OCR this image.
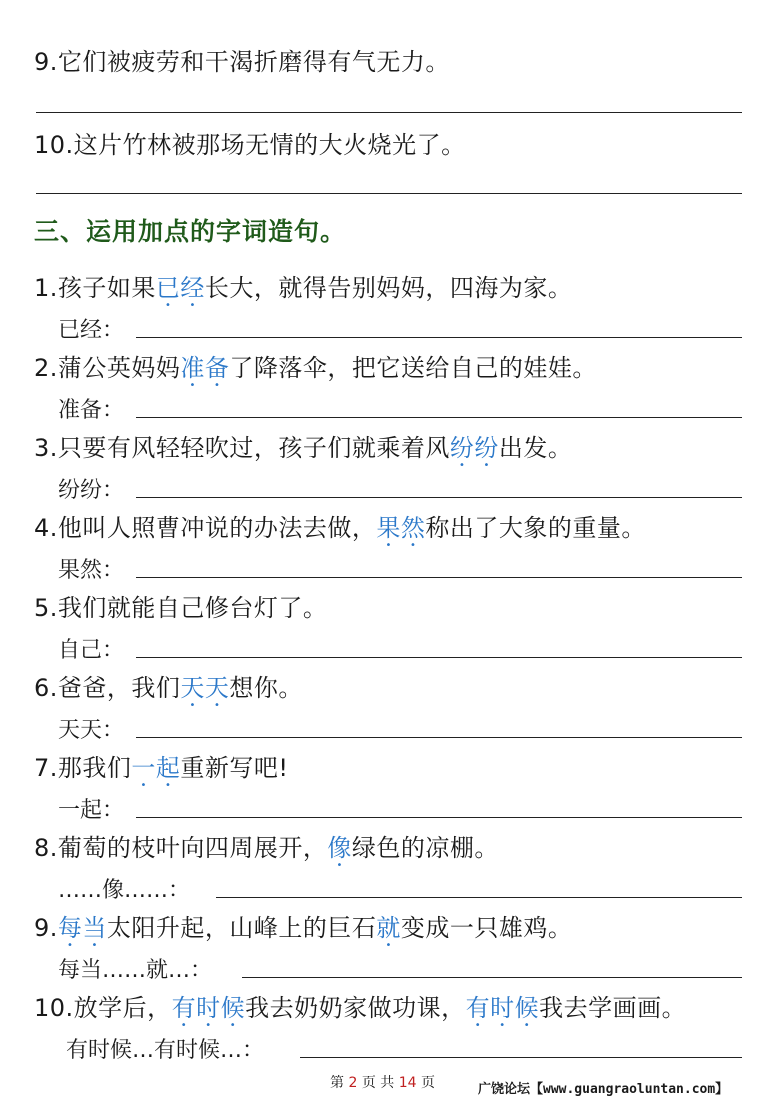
9.它们被疲劳和干渴折磨得有气无力。
10.这片竹林被那场无情的大火烧光了。
三、运用加点的字词造句。
1.孩子如果已经
• •
长大，就得告别妈妈，四海为家。
已经：
2.蒲公英妈妈准备
• •
了降落伞，把它送给自己的娃娃。
准备：
3.只要有风轻轻吹过，孩子们就乘着风纷纷
• •
出发。
纷纷：
4.他叫人照曹冲说的办法去做，果然
• •
称出了大象的重量。
果然：
5.我们就能自己修台灯了。
自己：
6.爸爸，我们天天
• •
想你。
天天：
7.那我们一起
• •
重新写吧!
一起：
8.葡萄的枝叶向四周展开，像
•
绿色的凉棚。
……像……：
9.每当
• •
太阳升起，山峰上的巨石就
•
变成一只雄鸡。
每当……就…：
10.放学后，有时候
• • •
我去奶奶家做功课，有时候
• • •
我去学画画。
有时候…有时候…：
第 2 页 共 14 页	广饶论坛【www.guangraoluntan.com】
